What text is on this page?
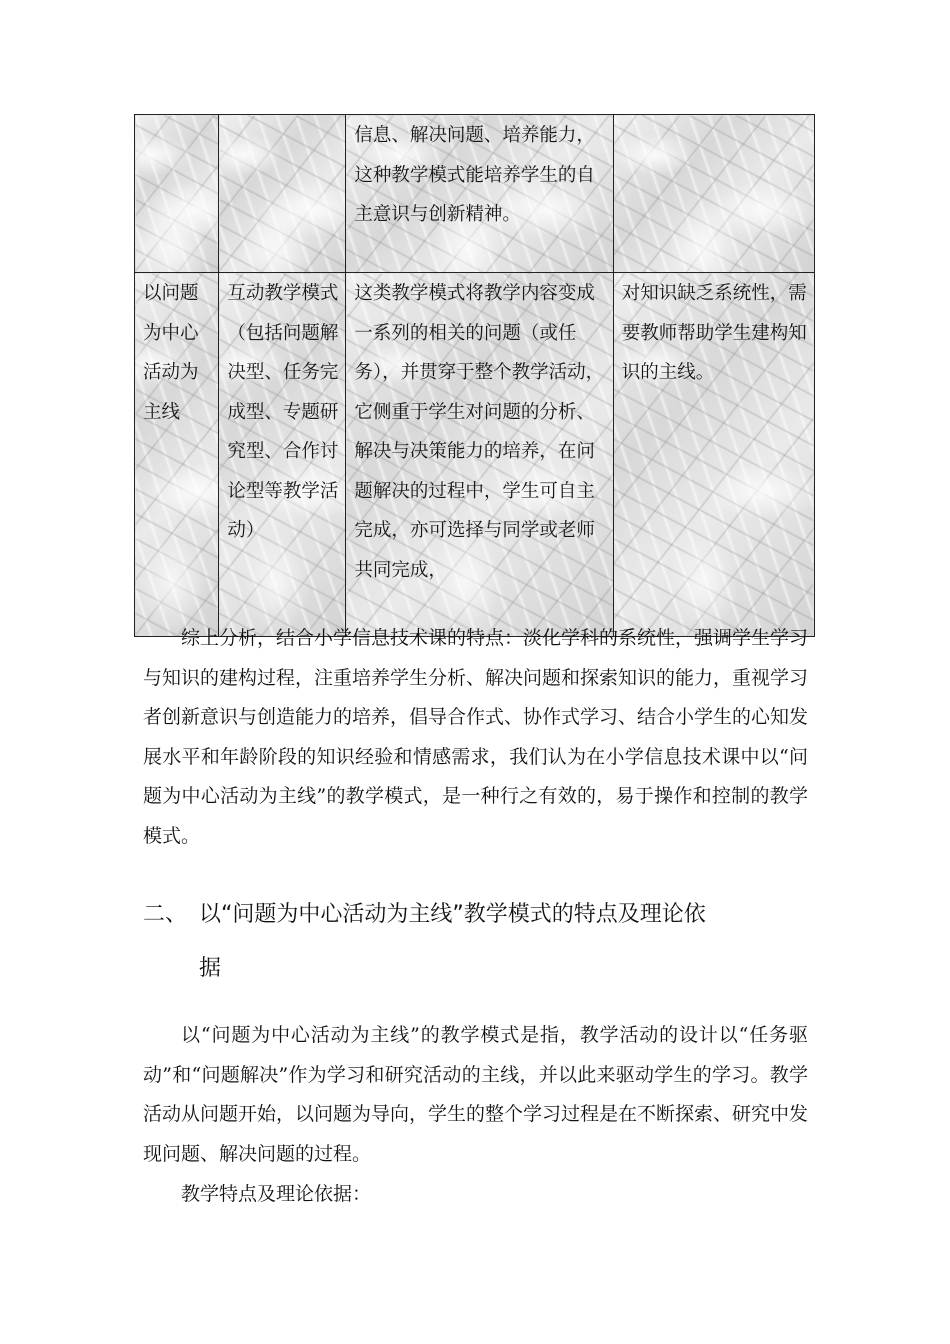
		信息、解决问题、培养能力，这种教学模式能培养学生的自主意识与创新精神。	
以问题为中心活动为主线	互动教学模式（包括问题解决型、任务完成型、专题研究型、合作讨论型等教学活动）	这类教学模式将教学内容变成一系列的相关的问题（或任务），并贯穿于整个教学活动，它侧重于学生对问题的分析、解决与决策能力的培养，在问题解决的过程中，学生可自主完成，亦可选择与同学或老师共同完成，	对知识缺乏系统性，需要教师帮助学生建构知识的主线。

综上分析，结合小学信息技术课的特点：淡化学科的系统性，强调学生学习与知识的建构过程，注重培养学生分析、解决问题和探索知识的能力，重视学习者创新意识与创造能力的培养，倡导合作式、协作式学习、结合小学生的心知发展水平和年龄阶段的知识经验和情感需求，我们认为在小学信息技术课中以“问题为中心活动为主线”的教学模式，是一种行之有效的，易于操作和控制的教学模式。

二、 以“问题为中心活动为主线”教学模式的特点及理论依
据

以“问题为中心活动为主线”的教学模式是指，教学活动的设计以“任务驱动”和“问题解决”作为学习和研究活动的主线，并以此来驱动学生的学习。教学活动从问题开始，以问题为导向，学生的整个学习过程是在不断探索、研究中发现问题、解决问题的过程。

教学特点及理论依据：
